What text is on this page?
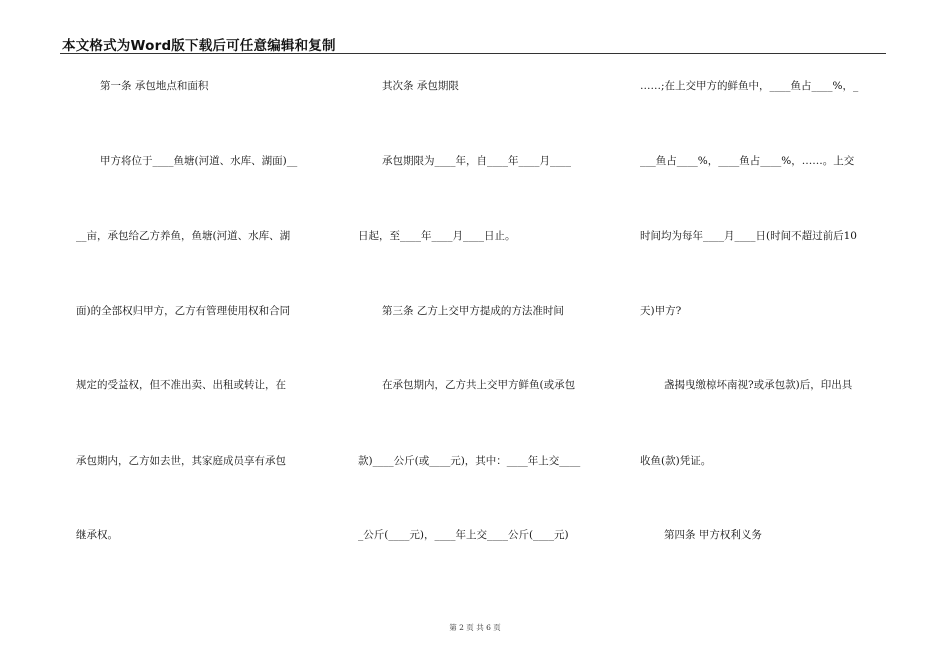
本文格式为Word版下载后可任意编辑和复制
第一条 承包地点和面积
甲方将位于____鱼塘(河道、水库、湖面)__
__亩，承包给乙方养鱼，鱼塘(河道、水库、湖
面)的全部权归甲方，乙方有管理使用权和合同
规定的受益权，但不准出卖、出租或转让，在
承包期内，乙方如去世，其家庭成员享有承包
继承权。
其次条 承包期限
承包期限为____年，自____年____月____
日起，至____年____月____日止。
第三条 乙方上交甲方提成的方法准时间
在承包期内，乙方共上交甲方鲜鱼(或承包
款)____公斤(或____元)，其中：____年上交____
_公斤(____元)，____年上交____公斤(____元)
……;在上交甲方的鲜鱼中，____鱼占____%，_
___鱼占____%，____鱼占____%，……。上交
时间均为每年____月____日(时间不超过前后10
天)甲方?
盏揭曳缴椋坏南视?或承包款)后，印出具
收鱼(款)凭证。
第四条 甲方权利义务
第 2 页 共 6 页
